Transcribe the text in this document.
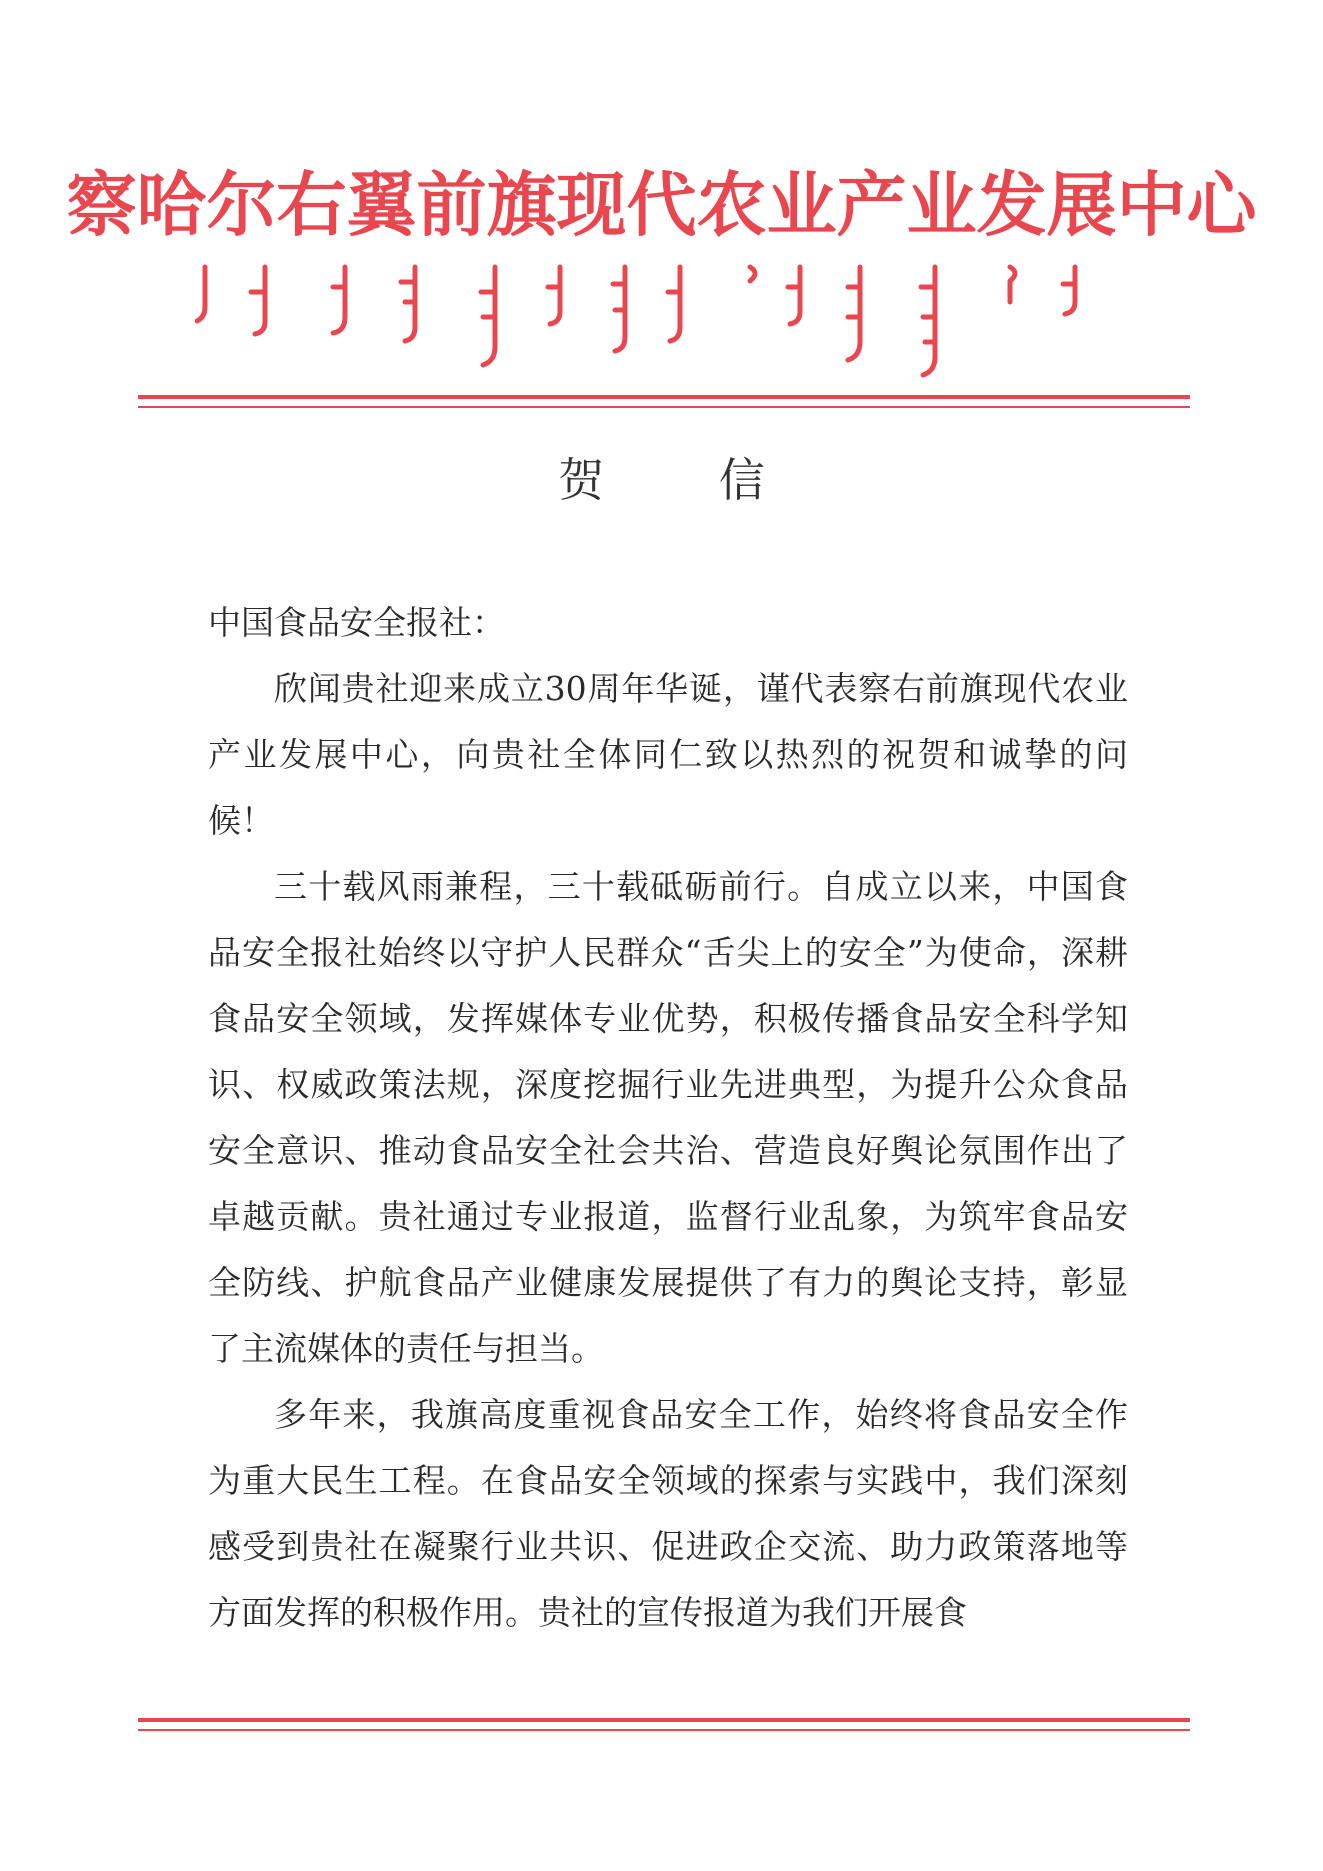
察哈尔右翼前旗现代农业产业发展中心
贺 信

中国食品安全报社：

欣闻贵社迎来成立30周年华诞，谨代表察右前旗现代农业产业发展中心，向贵社全体同仁致以热烈的祝贺和诚挚的问候！

三十载风雨兼程，三十载砥砺前行。自成立以来，中国食品安全报社始终以守护人民群众“舌尖上的安全”为使命，深耕食品安全领域，发挥媒体专业优势，积极传播食品安全科学知识、权威政策法规，深度挖掘行业先进典型，为提升公众食品安全意识、推动食品安全社会共治、营造良好舆论氛围作出了卓越贡献。贵社通过专业报道，监督行业乱象，为筑牢食品安全防线、护航食品产业健康发展提供了有力的舆论支持，彰显了主流媒体的责任与担当。

多年来，我旗高度重视食品安全工作，始终将食品安全作为重大民生工程。在食品安全领域的探索与实践中，我们深刻感受到贵社在凝聚行业共识、促进政企交流、助力政策落地等方面发挥的积极作用。贵社的宣传报道为我们开展食
